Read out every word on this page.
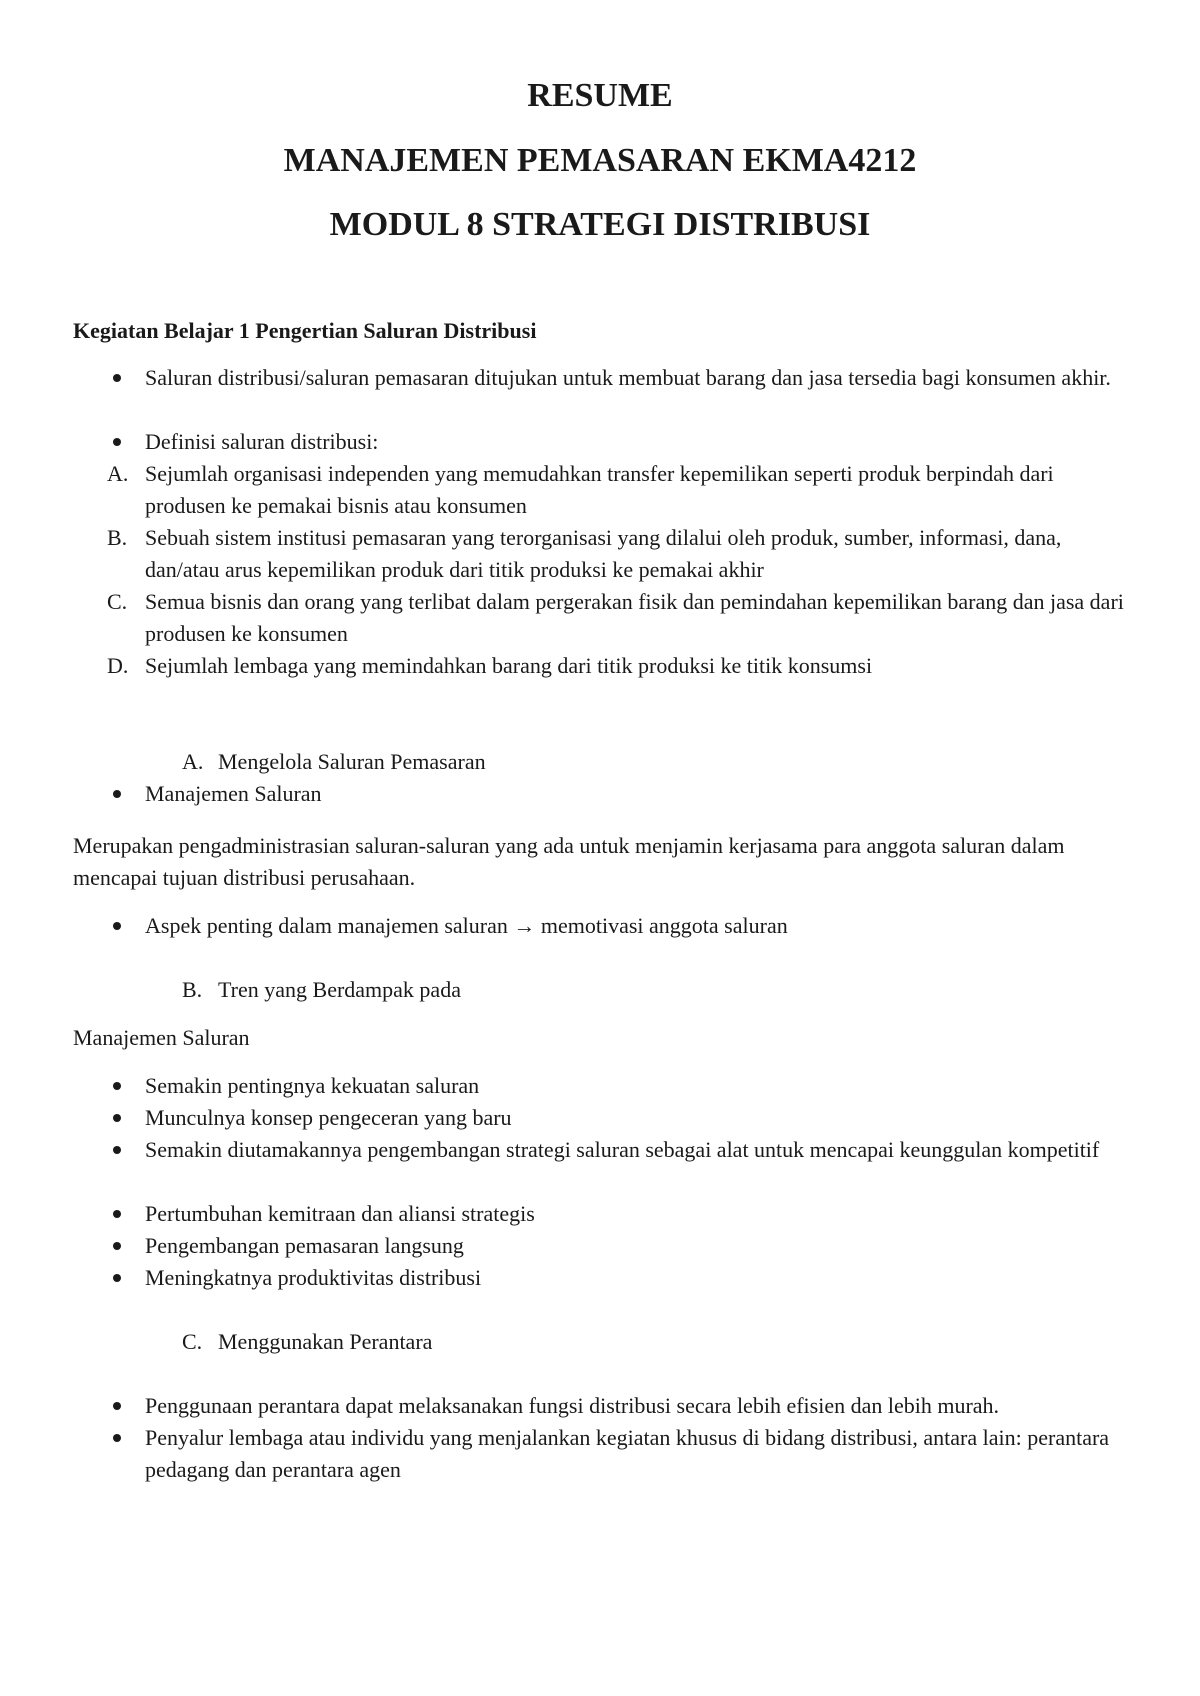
RESUME
MANAJEMEN PEMASARAN EKMA4212
MODUL 8 STRATEGI DISTRIBUSI
Kegiatan Belajar 1 Pengertian Saluran Distribusi
Saluran distribusi/saluran pemasaran ditujukan untuk membuat barang dan jasa tersedia bagi konsumen akhir.
Definisi saluran distribusi:
A. Sejumlah organisasi independen yang memudahkan transfer kepemilikan seperti produk berpindah dari produsen ke pemakai bisnis atau konsumen
B. Sebuah sistem institusi pemasaran yang terorganisasi yang dilalui oleh produk, sumber, informasi, dana, dan/atau arus kepemilikan produk dari titik produksi ke pemakai akhir
C. Semua bisnis dan orang yang terlibat dalam pergerakan fisik dan pemindahan kepemilikan barang dan jasa dari produsen ke konsumen
D. Sejumlah lembaga yang memindahkan barang dari titik produksi ke titik konsumsi
A. Mengelola Saluran Pemasaran
Manajemen Saluran

Merupakan pengadministrasian saluran-saluran yang ada untuk menjamin kerjasama para anggota saluran dalam mencapai tujuan distribusi perusahaan.

Aspek penting dalam manajemen saluran → memotivasi anggota saluran
B. Tren yang Berdampak pada

Manajemen Saluran

Semakin pentingnya kekuatan saluran
Munculnya konsep pengeceran yang baru
Semakin diutamakannya pengembangan strategi saluran sebagai alat untuk mencapai keunggulan kompetitif
Pertumbuhan kemitraan dan aliansi strategis
Pengembangan pemasaran langsung
Meningkatnya produktivitas distribusi
C. Menggunakan Perantara
Penggunaan perantara dapat melaksanakan fungsi distribusi secara lebih efisien dan lebih murah.
Penyalur lembaga atau individu yang menjalankan kegiatan khusus di bidang distribusi, antara lain: perantara pedagang dan perantara agen
